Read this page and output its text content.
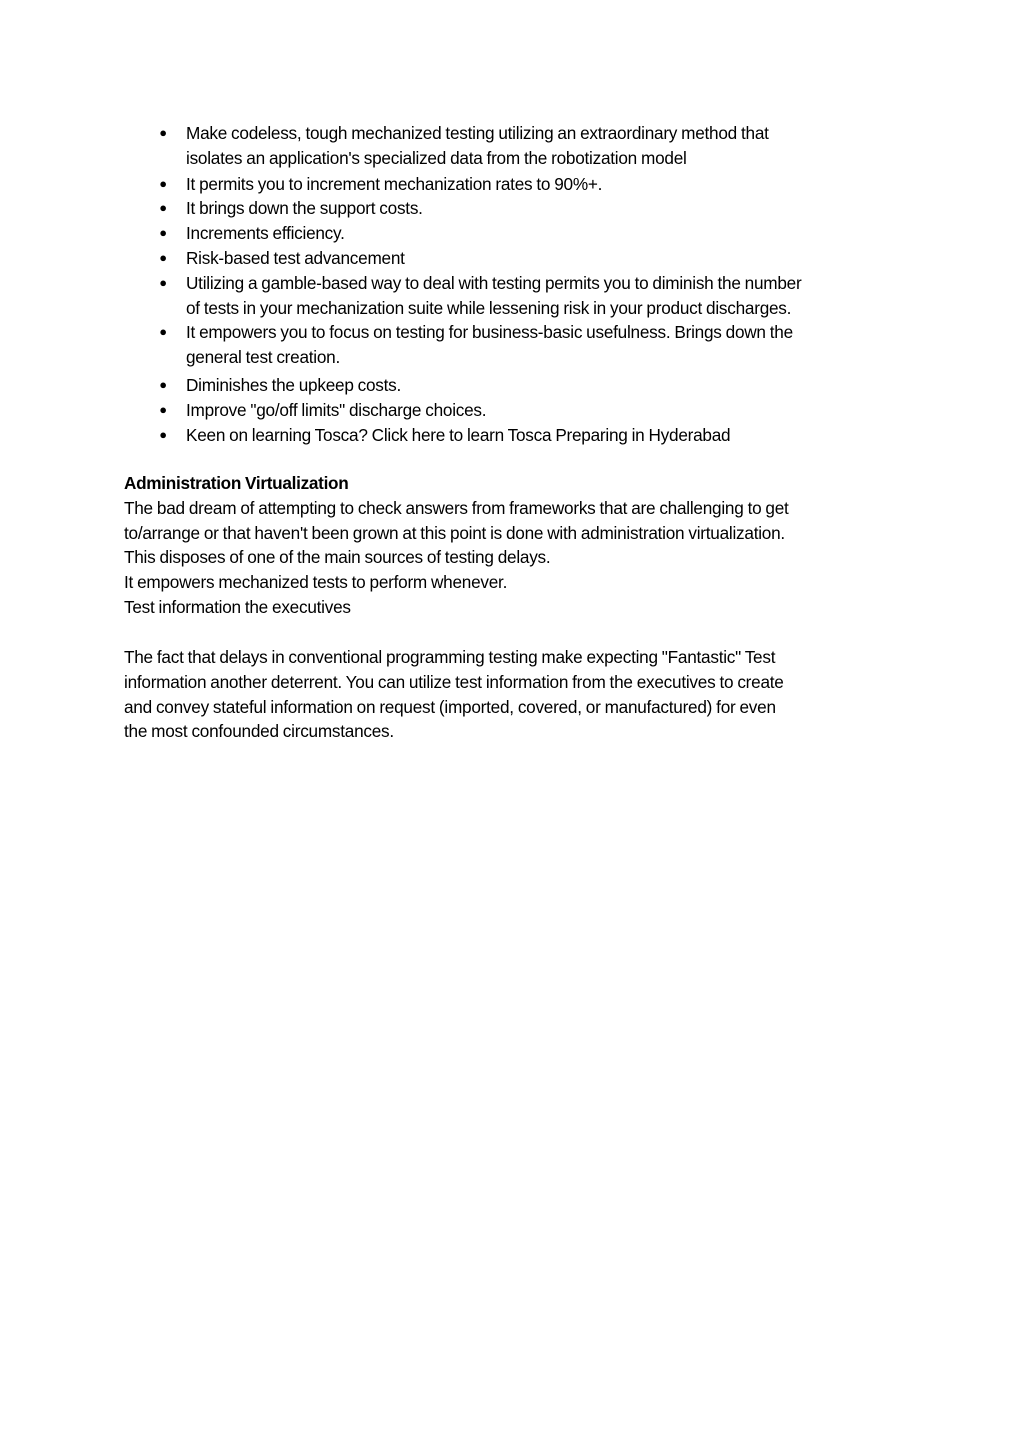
● Make codeless, tough mechanized testing utilizing an extraordinary method that
isolates an application's specialized data from the robotization model
● It permits you to increment mechanization rates to 90%+.
● It brings down the support costs.
● Increments efficiency.
● Risk-based test advancement
● Utilizing a gamble-based way to deal with testing permits you to diminish the number
of tests in your mechanization suite while lessening risk in your product discharges.
● It empowers you to focus on testing for business-basic usefulness. Brings down the
general test creation.
● Diminishes the upkeep costs.
● Improve "go/off limits" discharge choices.
● Keen on learning Tosca? Click here to learn Tosca Preparing in Hyderabad
Administration Virtualization
The bad dream of attempting to check answers from frameworks that are challenging to get
to/arrange or that haven't been grown at this point is done with administration virtualization.
This disposes of one of the main sources of testing delays.
It empowers mechanized tests to perform whenever.
Test information the executives
The fact that delays in conventional programming testing make expecting "Fantastic" Test
information another deterrent. You can utilize test information from the executives to create
and convey stateful information on request (imported, covered, or manufactured) for even
the most confounded circumstances.
